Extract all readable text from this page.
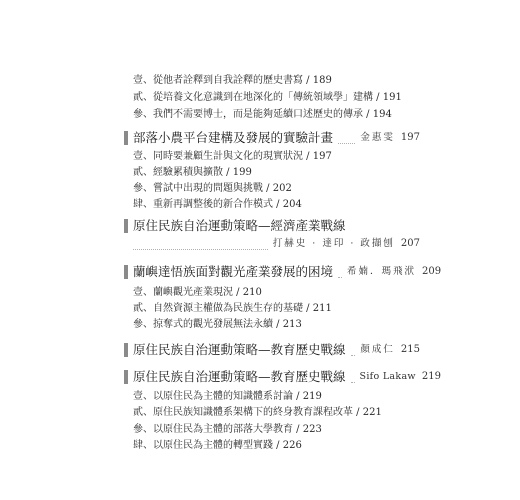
壹、從他者詮釋到自我詮釋的歷史書寫 / 189
貳、從培養文化意識到在地深化的「傳統領域學」建構 / 191
參、我們不需要博士，而是能夠延續口述歷史的傳承 / 194
部落小農平台建構及發展的實驗計畫	金惠雯 197
壹、同時要兼顧生計與文化的現實狀況 / 197
貳、經驗累積與擴散 / 199
參、嘗試中出現的問題與挑戰 / 202
肆、重新再調整後的新合作模式 / 204
原住民族自治運動策略—經濟產業戰線
打赫史 · 達印 · 政擷刨 207
蘭嶼達悟族面對觀光產業發展的困境 希婻．瑪飛洑 209
壹、蘭嶼觀光產業現況 / 210
貳、自然資源主權做為民族生存的基礎 / 211
參、掠奪式的觀光發展無法永續 / 213
原住民族自治運動策略—教育歷史戰線 顏成仁 215
原住民族自治運動策略—教育歷史戰線 Sifo Lakaw 219
壹、以原住民為主體的知識體系討論 / 219
貳、原住民族知識體系架構下的終身教育課程改革 / 221
參、以原住民為主體的部落大學教育 / 223
肆、以原住民為主體的轉型實踐 / 226
